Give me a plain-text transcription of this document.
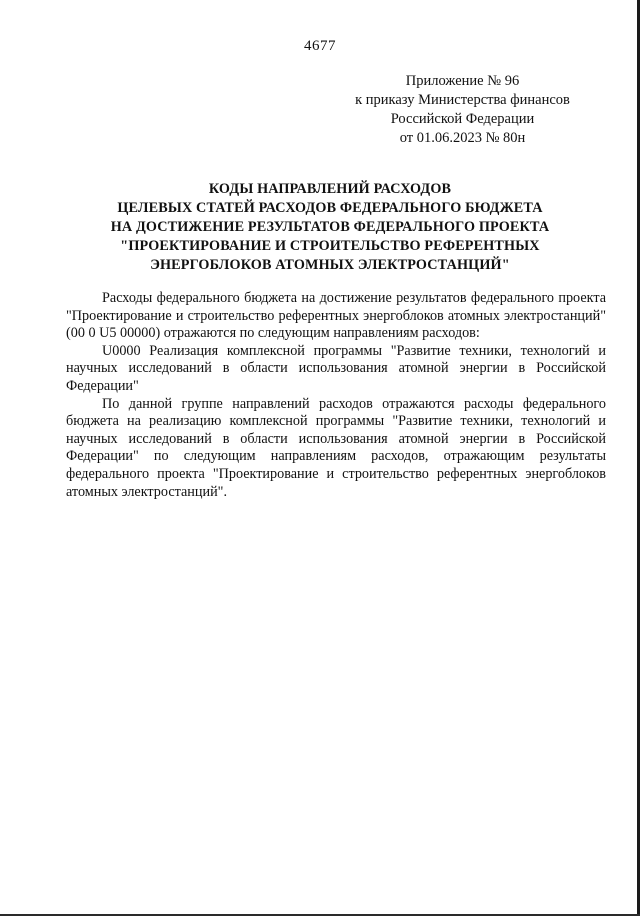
4677
Приложение № 96
к приказу Министерства финансов
Российской Федерации
от 01.06.2023 № 80н
КОДЫ НАПРАВЛЕНИЙ РАСХОДОВ
ЦЕЛЕВЫХ СТАТЕЙ РАСХОДОВ ФЕДЕРАЛЬНОГО БЮДЖЕТА
НА ДОСТИЖЕНИЕ РЕЗУЛЬТАТОВ ФЕДЕРАЛЬНОГО ПРОЕКТА
"ПРОЕКТИРОВАНИЕ И СТРОИТЕЛЬСТВО РЕФЕРЕНТНЫХ
ЭНЕРГОБЛОКОВ АТОМНЫХ ЭЛЕКТРОСТАНЦИЙ"

Расходы федерального бюджета на достижение результатов федерального проекта "Проектирование и строительство референтных энергоблоков атомных электростанций" (00 0 U5 00000) отражаются по следующим направлениям расходов:

U0000 Реализация комплексной программы "Развитие техники, технологий и научных исследований в области использования атомной энергии в Российской Федерации"

По данной группе направлений расходов отражаются расходы федерального бюджета на реализацию комплексной программы "Развитие техники, технологий и научных исследований в области использования атомной энергии в Российской Федерации" по следующим направлениям расходов, отражающим результаты федерального проекта "Проектирование и строительство референтных энергоблоков атомных электростанций".
